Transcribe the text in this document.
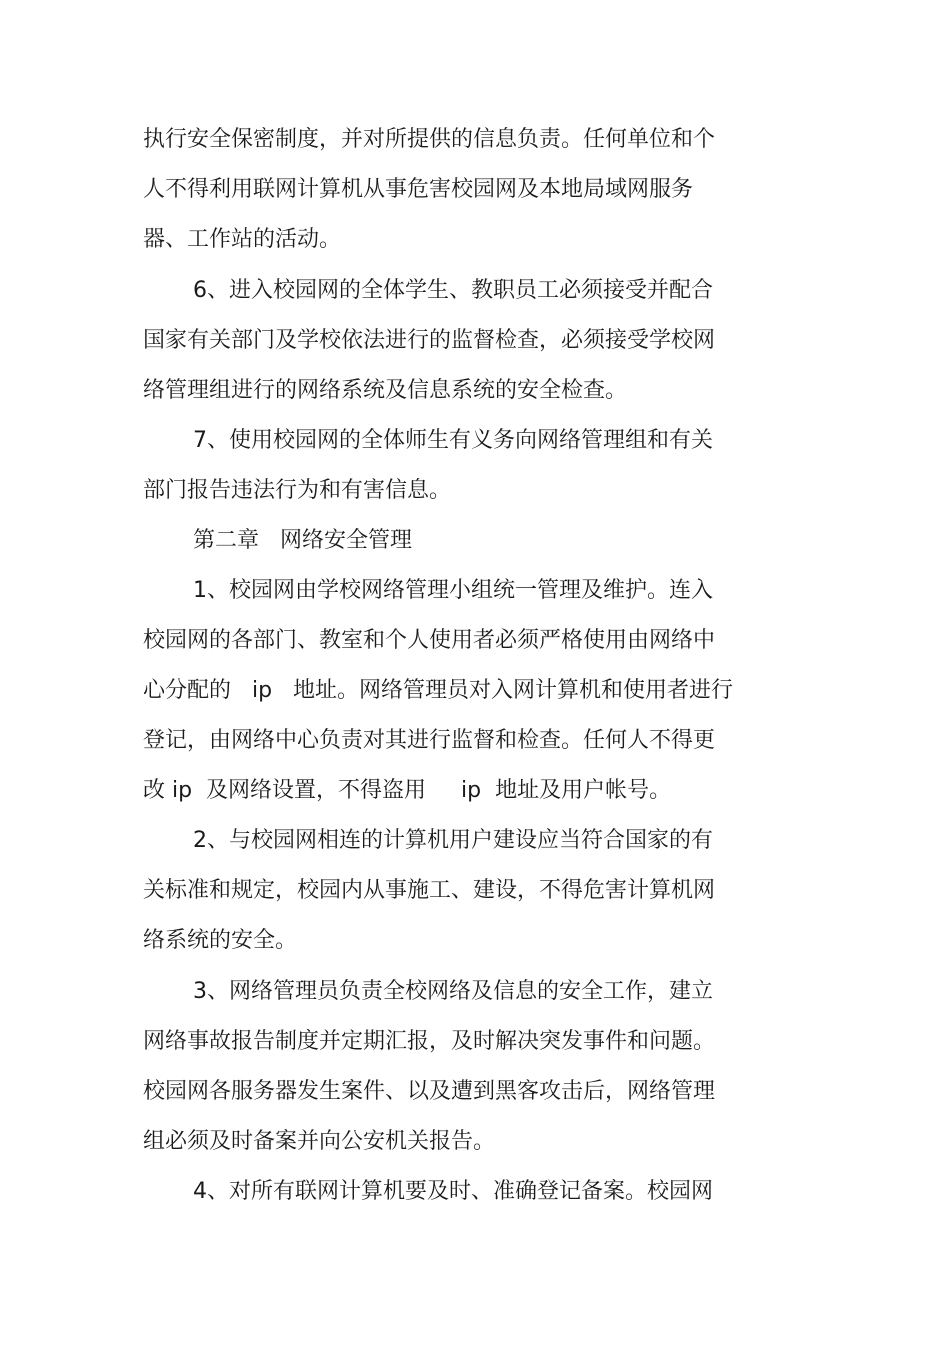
执行安全保密制度，并对所提供的信息负责。任何单位和个
人不得利用联网计算机从事危害校园网及本地局域网服务
器、工作站的活动。
6、进入校园网的全体学生、教职员工必须接受并配合
国家有关部门及学校依法进行的监督检查，必须接受学校网
络管理组进行的网络系统及信息系统的安全检查。
7、使用校园网的全体师生有义务向网络管理组和有关
部门报告违法行为和有害信息。
第二章   网络安全管理
1、校园网由学校网络管理小组统一管理及维护。连入
校园网的各部门、教室和个人使用者必须严格使用由网络中
心分配的   ip   地址。网络管理员对入网计算机和使用者进行
登记，由网络中心负责对其进行监督和检查。任何人不得更
改 ip  及网络设置，不得盗用     ip  地址及用户帐号。
2、与校园网相连的计算机用户建设应当符合国家的有
关标准和规定，校园内从事施工、建设，不得危害计算机网
络系统的安全。
3、网络管理员负责全校网络及信息的安全工作，建立
网络事故报告制度并定期汇报，及时解决突发事件和问题。
校园网各服务器发生案件、以及遭到黑客攻击后，网络管理
组必须及时备案并向公安机关报告。
4、对所有联网计算机要及时、准确登记备案。校园网
